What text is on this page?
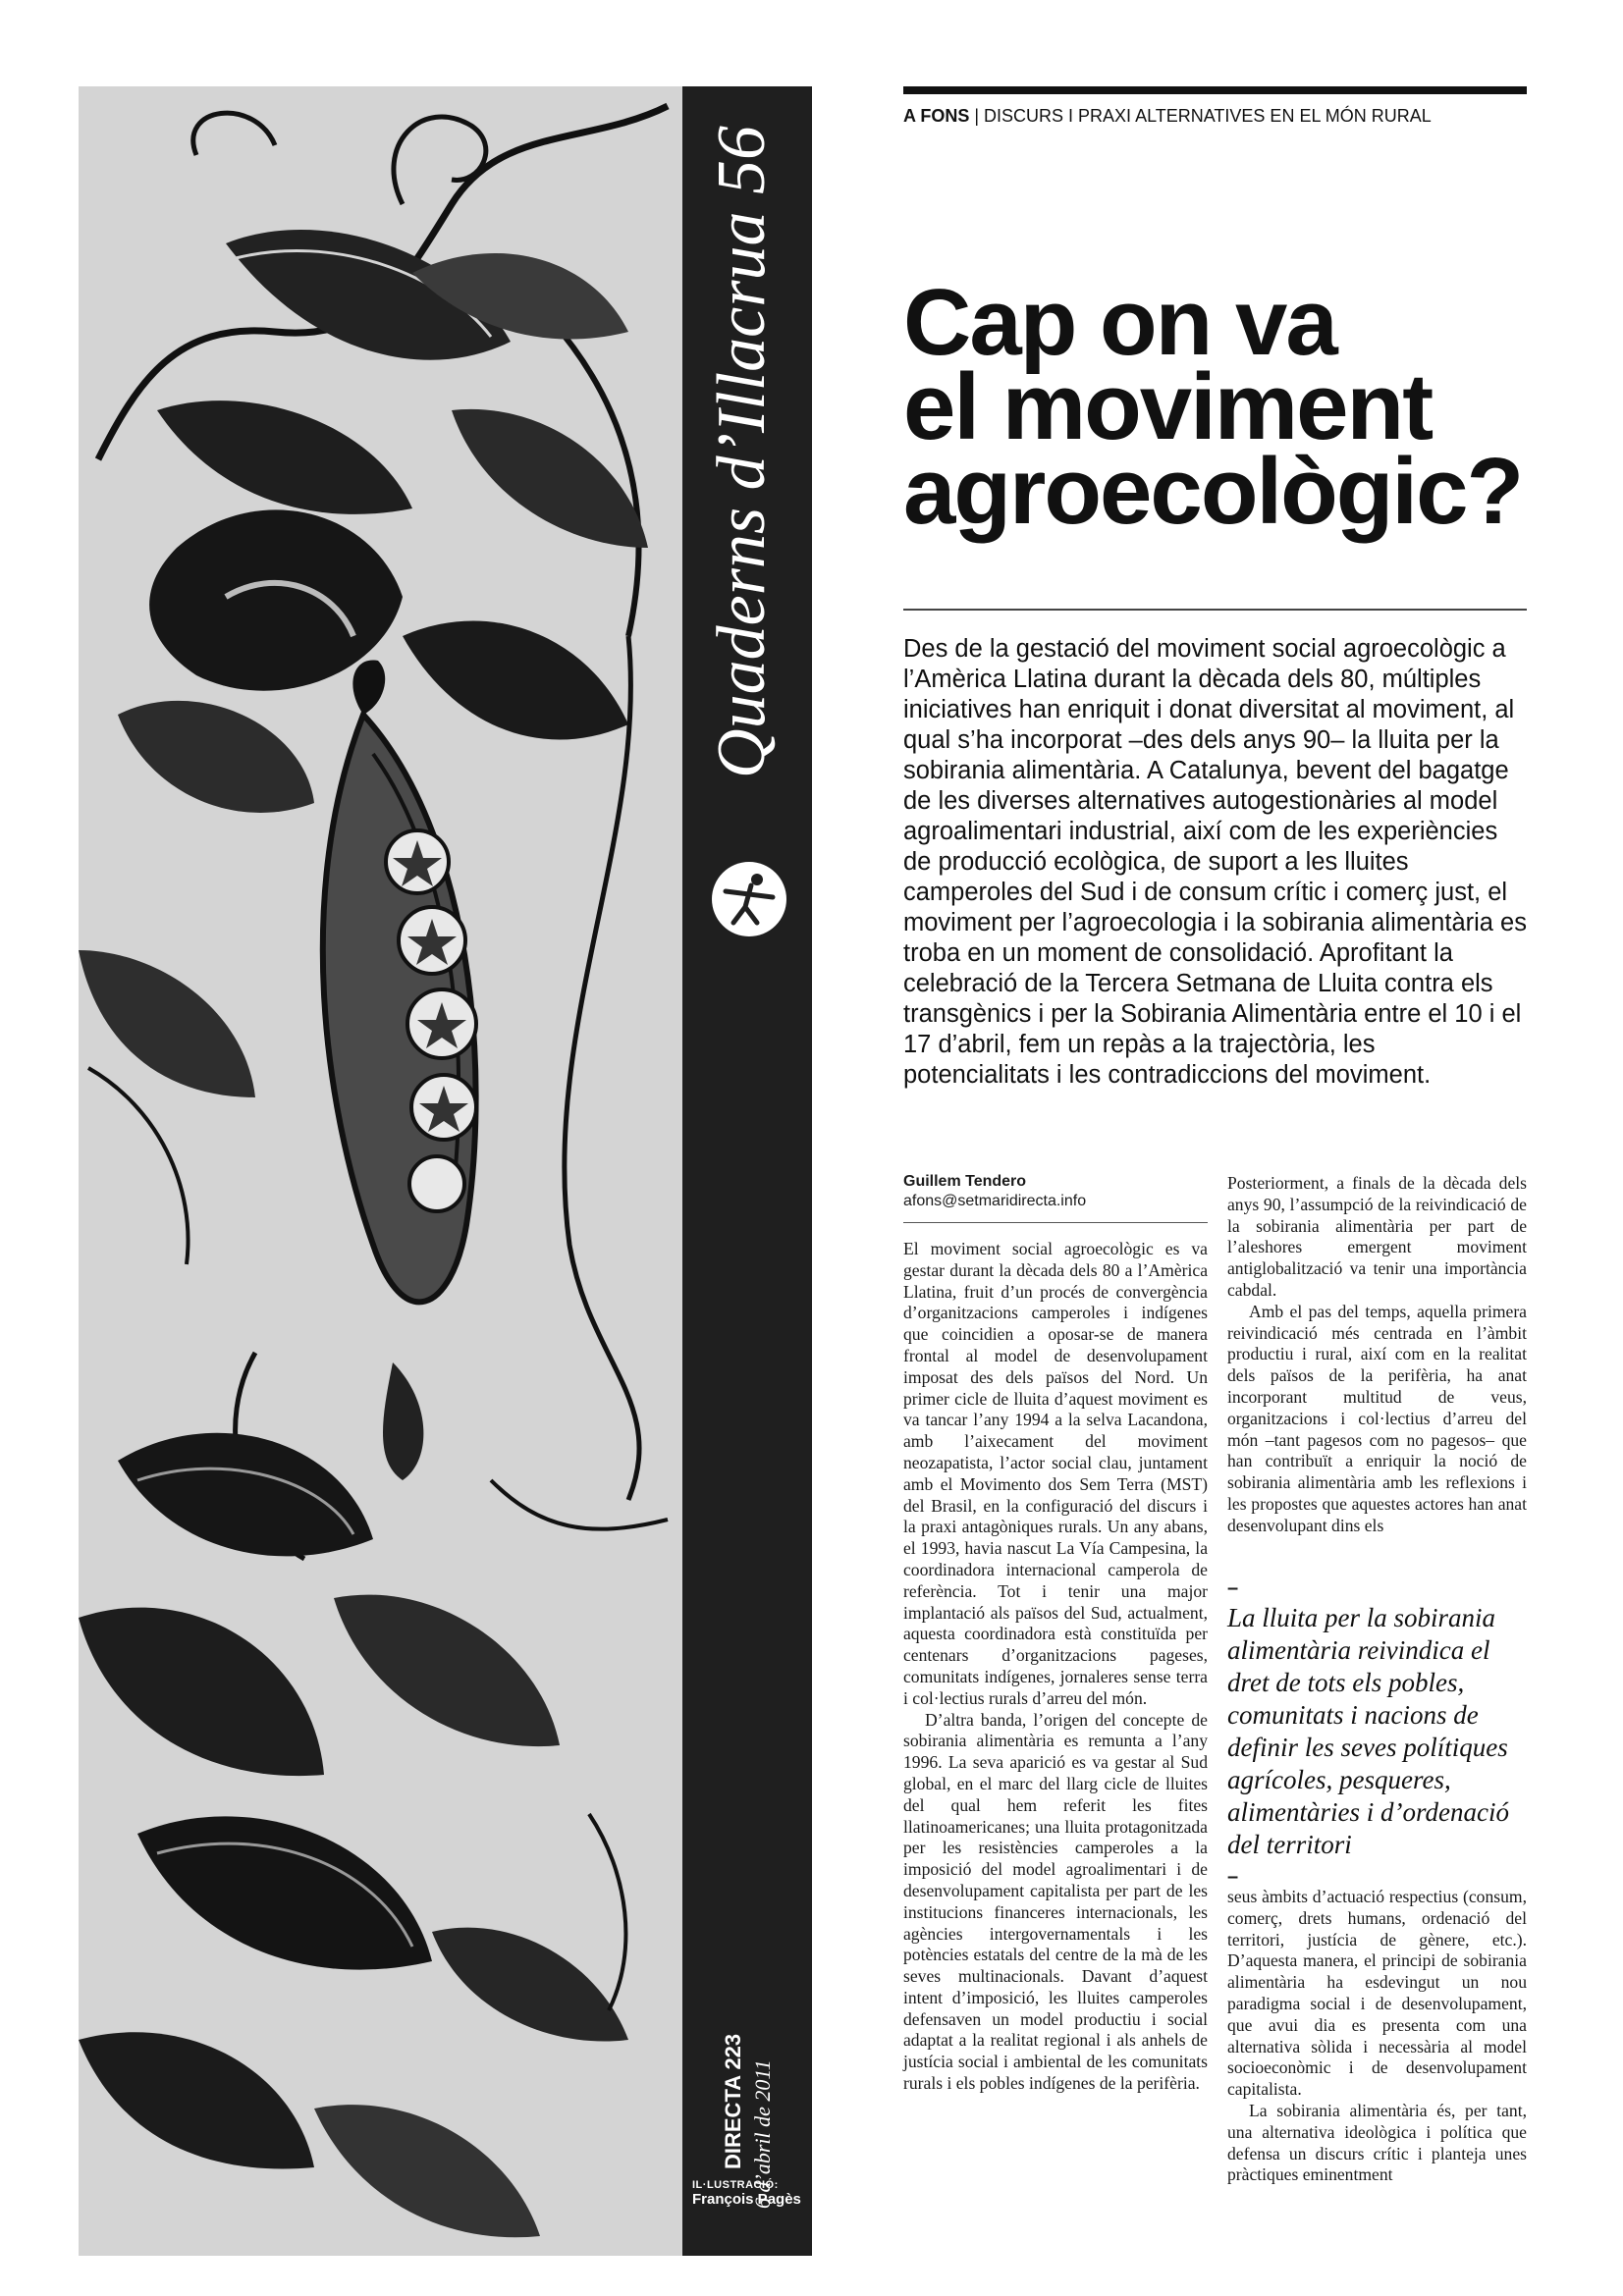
Quaderns d’Illacrua 56
DIRECTA 223 6 d’abril de 2011
IL·LUSTRACIÓ:
François Pagès
A FONS | DISCURS I PRAXI ALTERNATIVES EN EL MÓN RURAL
Cap on va
el moviment
agroecològic?
Des de la gestació del moviment social agroecològic a l’Amèrica Llatina durant la dècada dels 80, múltiples iniciatives han enriquit i donat diversitat al moviment, al qual s’ha incorporat –des dels anys 90– la lluita per la sobirania alimentària. A Catalunya, bevent del bagatge de les diverses alternatives autogestionàries al model agroalimentari industrial, així com de les experiències de producció ecològica, de suport a les lluites camperoles del Sud i de consum crític i comerç just, el moviment per l’agroecologia i la sobirania alimentària es troba en un moment de consolidació. Aprofitant la celebració de la Tercera Setmana de Lluita contra els transgènics i per la Sobirania Alimentària entre el 10 i el 17 d’abril, fem un repàs a la trajectòria, les potencialitats i les contradiccions del moviment.
Guillem Tendero
afons@setmaridirecta.info

El moviment social agroecològic es va gestar durant la dècada dels 80 a l’Amèrica Llatina, fruit d’un procés de convergència d’organitzacions camperoles i indígenes que coincidien a oposar-se de manera frontal al model de desenvolupament imposat des dels països del Nord. Un primer cicle de lluita d’aquest moviment es va tancar l’any 1994 a la selva Lacandona, amb l’aixecament del moviment neozapatista, l’actor social clau, juntament amb el Movimento dos Sem Terra (MST) del Brasil, en la configuració del discurs i la praxi antagòniques rurals. Un any abans, el 1993, havia nascut La Vía Campesina, la coordinadora internacional camperola de referència. Tot i tenir una major implantació als països del Sud, actualment, aquesta coordinadora està constituïda per centenars d’organitzacions pageses, comunitats indígenes, jornaleres sense terra i col·lectius rurals d’arreu del món.

D’altra banda, l’origen del concepte de sobirania alimentària es remunta a l’any 1996. La seva aparició es va gestar al Sud global, en el marc del llarg cicle de lluites del qual hem referit les fites llatinoamericanes; una lluita protagonitzada per les resistències camperoles a la imposició del model agroalimentari i de desenvolupament capitalista per part de les institucions financeres internacionals, les agències intergovernamentals i les potències estatals del centre de la mà de les seves multinacionals. Davant d’aquest intent d’imposició, les lluites camperoles defensaven un model productiu i social adaptat a la realitat regional i als anhels de justícia social i ambiental de les comunitats rurals i els pobles indígenes de la perifèria.

Posteriorment, a finals de la dècada dels anys 90, l’assumpció de la reivindicació de la sobirania alimentària per part de l’aleshores emergent moviment antiglobalització va tenir una importància cabdal.

Amb el pas del temps, aquella primera reivindicació més centrada en l’àmbit productiu i rural, així com en la realitat dels països de la perifèria, ha anat incorporant multitud de veus, organitzacions i col·lectius d’arreu del món –tant pagesos com no pagesos– que han contribuït a enriquir la noció de sobirania alimentària amb les reflexions i les propostes que aquestes actores han anat desenvolupant dins els

–
La lluita per la sobirania alimentària reivindica el dret de tots els pobles, comunitats i nacions de definir les seves polítiques agrícoles, pesqueres, alimentàries i d’ordenació del territori
–

seus àmbits d’actuació respectius (consum, comerç, drets humans, ordenació del territori, justícia de gènere, etc.). D’aquesta manera, el principi de sobirania alimentària ha esdevingut un nou paradigma social i de desenvolupament, que avui dia es presenta com una alternativa sòlida i necessària al model socioeconòmic i de desenvolupament capitalista.

La sobirania alimentària és, per tant, una alternativa ideològica i política que defensa un discurs crític i planteja unes pràctiques eminentment
